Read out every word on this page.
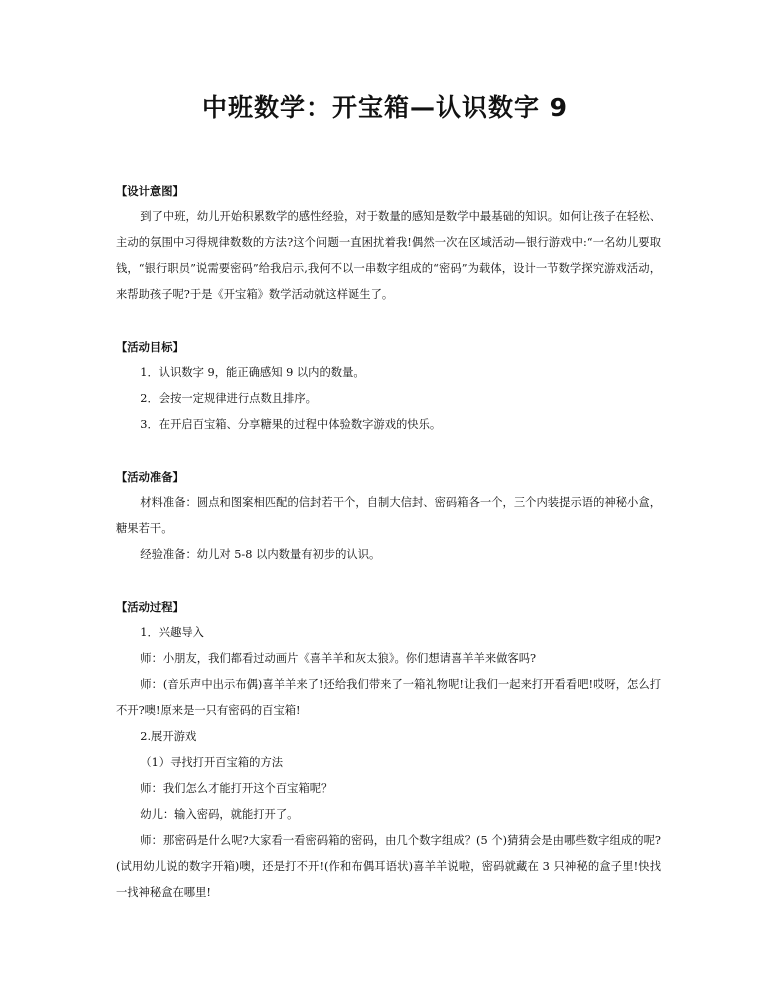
中班数学：开宝箱—认识数字 9

【设计意图】

到了中班，幼儿开始积累数学的感性经验，对于数量的感知是数学中最基础的知识。如何让孩子在轻松、主动的氛围中习得规律数数的方法?这个问题一直困扰着我!偶然一次在区域活动—银行游戏中:“一名幼儿要取钱，“银行职员”说需要密码”给我启示,我何不以一串数字组成的“密码”为载体，设计一节数学探究游戏活动，来帮助孩子呢?于是《开宝箱》数学活动就这样诞生了。

【活动目标】

1．认识数字 9，能正确感知 9 以内的数量。

2．会按一定规律进行点数且排序。

3．在开启百宝箱、分享糖果的过程中体验数字游戏的快乐。

【活动准备】

材料准备：圆点和图案相匹配的信封若干个，自制大信封、密码箱各一个，三个内装提示语的神秘小盒，糖果若干。

经验准备：幼儿对 5-8 以内数量有初步的认识。

【活动过程】

1．兴趣导入

师：小朋友，我们都看过动画片《喜羊羊和灰太狼》。你们想请喜羊羊来做客吗?

师：(音乐声中出示布偶)喜羊羊来了!还给我们带来了一箱礼物呢!让我们一起来打开看看吧!哎呀，怎么打不开?噢!原来是一只有密码的百宝箱!

2.展开游戏

（1）寻找打开百宝箱的方法

师：我们怎么才能打开这个百宝箱呢？

幼儿：输入密码，就能打开了。

师：那密码是什么呢?大家看一看密码箱的密码，由几个数字组成？(5 个)猜猜会是由哪些数字组成的呢?(试用幼儿说的数字开箱)噢，还是打不开!(作和布偶耳语状)喜羊羊说啦，密码就藏在 3 只神秘的盒子里!快找一找神秘盒在哪里!
